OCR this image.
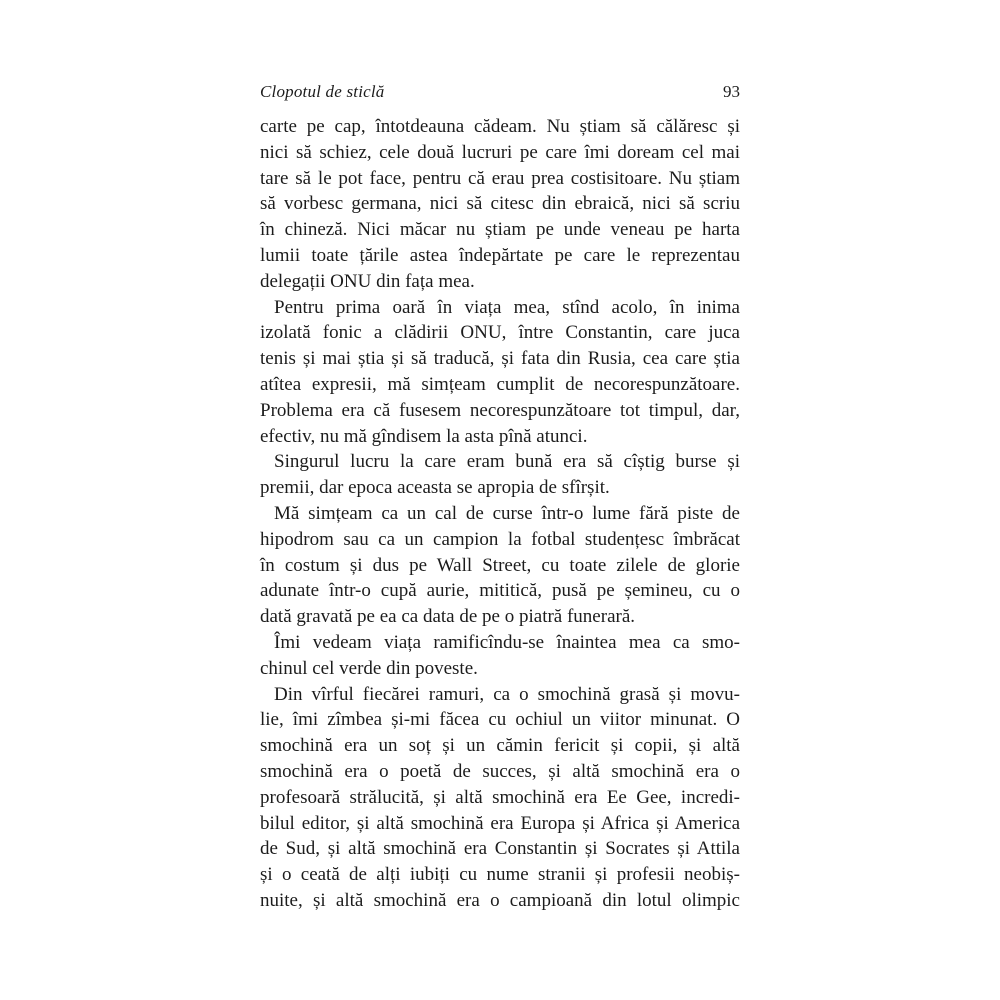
Clopotul de sticlă	93
carte pe cap, întotdeauna cădeam. Nu știam să călăresc și
nici să schiez, cele două lucruri pe care îmi doream cel mai
tare să le pot face, pentru că erau prea costisitoare. Nu știam
să vorbesc germana, nici să citesc din ebraică, nici să scriu
în chineză. Nici măcar nu știam pe unde veneau pe harta
lumii toate țările astea îndepărtate pe care le reprezentau
delegații ONU din fața mea.
Pentru prima oară în viața mea, stînd acolo, în inima
izolată fonic a clădirii ONU, între Constantin, care juca
tenis și mai știa și să traducă, și fata din Rusia, cea care știa
atîtea expresii, mă simțeam cumplit de necorespunzătoare.
Problema era că fusesem necorespunzătoare tot timpul, dar,
efectiv, nu mă gîndisem la asta pînă atunci.
Singurul lucru la care eram bună era să cîștig burse și
premii, dar epoca aceasta se apropia de sfîrșit.
Mă simțeam ca un cal de curse într-o lume fără piste de
hipodrom sau ca un campion la fotbal studențesc îmbrăcat
în costum și dus pe Wall Street, cu toate zilele de glorie
adunate într-o cupă aurie, mititică, pusă pe șemineu, cu o
dată gravată pe ea ca data de pe o piatră funerară.
Îmi vedeam viața ramificîndu-se înaintea mea ca smo-
chinul cel verde din poveste.
Din vîrful fiecărei ramuri, ca o smochină grasă și movu-
lie, îmi zîmbea și-mi făcea cu ochiul un viitor minunat. O
smochină era un soț și un cămin fericit și copii, și altă
smochină era o poetă de succes, și altă smochină era o
profesoară strălucită, și altă smochină era Ee Gee, incredi-
bilul editor, și altă smochină era Europa și Africa și America
de Sud, și altă smochină era Constantin și Socrates și Attila
și o ceată de alți iubiți cu nume stranii și profesii neobiș-
nuite, și altă smochină era o campioană din lotul olimpic
